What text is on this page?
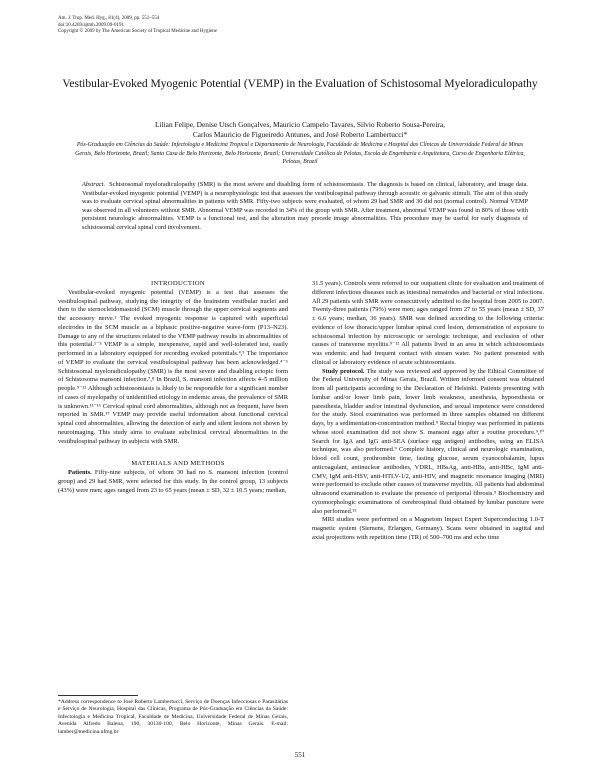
Am. J. Trop. Med. Hyg., 81(4), 2009, pp. 551–554
doi:10.4269/ajtmh.2009.09-0191
Copyright © 2009 by The American Society of Tropical Medicine and Hygiene
Vestibular-Evoked Myogenic Potential (VEMP) in the Evaluation of Schistosomal Myeloradiculopathy
Lilian Felipe, Denise Utsch Gonçalves, Mauricio Campelo Tavares, Silvio Roberto Sousa-Pereira,
Carlos Mauricio de Figueiredo Antunes, and José Roberto Lambertucci*
Pós-Graduação em Ciências da Saúde: Infectologia e Medicina Tropical e Departamento de Neurologia, Faculdade de Medicina e Hospital das Clínicas da Universidade Federal de Minas Gerais, Belo Horizonte, Brazil; Santa Casa de Belo Horizonte, Belo Horizonte, Brazil; Universidade Católica de Pelotas, Escola de Engenharia e Arquitetura, Curso de Engenharia Elétrica, Pelotas, Brazil
Abstract. Schistosomal myeloradiculopathy (SMR) is the most severe and disabling form of schistosomiasis. The diagnosis is based on clinical, laboratory, and image data. Vestibular-evoked myogenic potential (VEMP) is a neurophysiologic test that assesses the vestibulospinal pathway through acoustic or galvanic stimuli. The aim of this study was to evaluate cervical spinal abnormalities in patients with SMR. Fifty-two subjects were evaluated, of whom 29 had SMR and 30 did not (normal control). Normal VEMP was observed in all volunteers without SMR. Abnormal VEMP was recorded in 34% of the group with SMR. After treatment, abnormal VEMP was found in 80% of those with persistent neurologic abnormalities. VEMP is a functional test, and the alteration may precede image abnormalities. This procedure may be useful for early diagnosis of schistosomal cervical spinal cord involvement.

INTRODUCTION

Vestibular-evoked myogenic potential (VEMP) is a test that assesses the vestibulospinal pathway, studying the integrity of the brainstem vestibular nuclei and then to the sternocleidomastoid (SCM) muscle through the upper cervical segments and the accessory nerve.¹ The evoked myogenic response is captured with superficial electrodes in the SCM muscle as a biphasic positive-negative wave-form (P13–N23). Damage to any of the structures related to the VEMP pathway results in abnormalities of this potential.¹⁻³ VEMP is a simple, inexpensive, rapid and well-tolerated test, easily performed in a laboratory equipped for recording evoked potentials.⁴,⁵ The importance of VEMP to evaluate the cervical vestibulospinal pathway has been acknowledged.⁴⁻⁶ Schistosomal myeloradiculopathy (SMR) is the most severe and disabling ectopic form of Schistosoma mansoni infection.⁷,⁸ In Brazil, S. mansoni infection affects 4–5 million people.⁹⁻¹² Although schistosomiasis is likely to be responsible for a significant number of cases of myelopathy of unidentified etiology in endemic areas, the prevalence of SMR is unknown.¹¹⁻¹⁶ Cervical spinal cord abnormalities, although not as frequent, have been reported in SMR.¹⁷ VEMP may provide useful information about functional cervical spinal cord abnormalities, allowing the detection of early and silent lesions not shown by neuroimaging. This study aims to evaluate subclinical cervical abnormalities in the vestibulospinal pathway in subjects with SMR.

MATERIALS AND METHODS

Patients. Fifty-nine subjects, of whom 30 had no S. mansoni infection (control group) and 29 had SMR, were selected for this study. In the control group, 13 subjects (43%) were men; ages ranged from 23 to 65 years (mean ± SD, 32 ± 10.5 years; median,

*Address correspondence to José Roberto Lambertucci, Serviço de Doenças Infecciosas e Parasitárias e Serviço de Neurologia, Hospital das Clínicas, Programa de Pós-Graduação em Ciências da Saúde: Infectologia e Medicina Tropical, Faculdade de Medicina, Universidade Federal de Minas Gerais, Avenida Alfredo Balena, 190, 30130-100, Belo Horizonte, Minas Gerais. E-mail: lamber@medicina.ufmg.br

31.5 years). Controls were referred to our outpatient clinic for evaluation and treatment of different infectious diseases such as intestinal nematodes and bacterial or viral infections. All 29 patients with SMR were consecutively admitted to the hospital from 2005 to 2007. Twenty-three patients (79%) were men; ages ranged from 27 to 55 years (mean ± SD, 37 ± 6.6 years; median, 36 years). SMR was defined according to the following criteria: evidence of low thoracic/upper lumbar spinal cord lesion, demonstration of exposure to schistosomal infection by microscopic or serologic technique, and exclusion of other causes of transverse myelitis.⁹⁻¹² All patients lived in an area in which schistosomiasis was endemic and had frequent contact with stream water. No patient presented with clinical or laboratory evidence of acute schistosomiasis.

Study protocol. The study was reviewed and approved by the Ethical Committee of the Federal University of Minas Gerais, Brazil. Written informed consent was obtained from all participants according to the Declaration of Helsinki. Patients presenting with lumbar and/or lower limb pain, lower limb weakness, anesthesia, hypoesthesia or paresthesia, bladder and/or intestinal dysfunction, and sexual impotence were considered for the study. Stool examination was performed in three samples obtained on different days, by a sedimentation-concentration method.⁹ Rectal biopsy was performed in patients whose stool examination did not show S. mansoni eggs after a routine procedure.⁹,¹⁰ Search for IgA and IgG anti-SEA (surface egg antigen) antibodies, using an ELISA technique, was also performed.⁹ Complete history, clinical and neurologic examination, blood cell count, prothrombin time, fasting glucose, serum cyanocobalamin, lupus anticoagulant, antinuclear antibodies, VDRL, HBsAg, anti-HBs, anti-HBc, IgM anti-CMV, IgM anti-HSV, anti-HTLV-1/2, anti-HIV, and magnetic resonance imaging (MRI) were performed to exclude other causes of transverse myelitis. All patients had abdominal ultrasound examination to evaluate the presence of periportal fibrosis.⁹ Biochemistry and cytomorphologic examinations of cerebrospinal fluid obtained by lumbar puncture were also performed.¹⁵

MRI studies were performed on a Magnetom Impact Expert Superconducting 1.0-T magnetic system (Siemens, Erlangen, Germany). Scans were obtained in sagittal and axial projections with repetition time (TR) of 500–700 ms and echo time

551
